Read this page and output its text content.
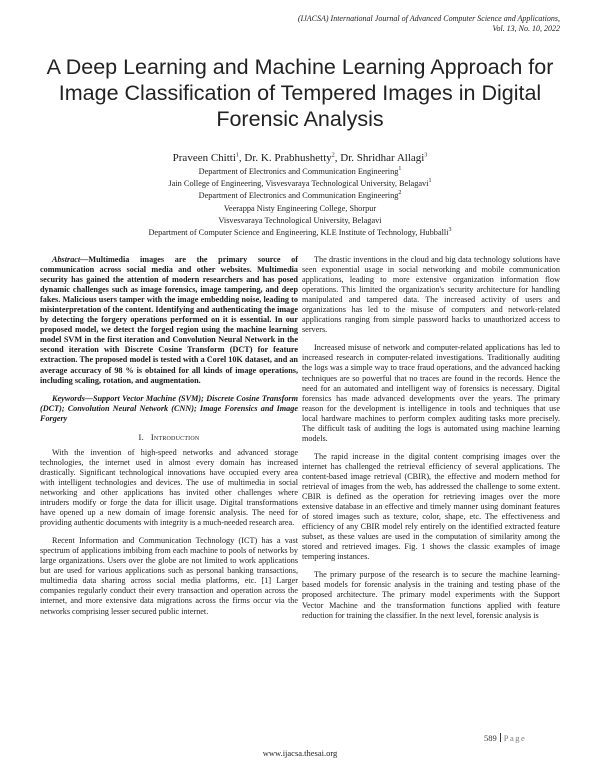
(IJACSA) International Journal of Advanced Computer Science and Applications,
Vol. 13, No. 10, 2022
A Deep Learning and Machine Learning Approach for Image Classification of Tempered Images in Digital Forensic Analysis
Praveen Chitti$^1$, Dr. K. Prabhushetty$^2$, Dr. Shridhar Allagi$^3$
Department of Electronics and Communication Engineering$^1$
Jain College of Engineering, Visvesvaraya Technological University, Belagavi$^1$
Department of Electronics and Communication Engineering$^2$
Veerappa Nisty Engineering College, Shorpur
Visvesvaraya Technological University, Belagavi
Department of Computer Science and Engineering, KLE Institute of Technology, Hubballi$^3$

Abstract—Multimedia images are the primary source of communication across social media and other websites. Multimedia security has gained the attention of modern researchers and has posed dynamic challenges such as image forensics, image tampering, and deep fakes. Malicious users tamper with the image embedding noise, leading to misinterpretation of the content. Identifying and authenticating the image by detecting the forgery operations performed on it is essential. In our proposed model, we detect the forged region using the machine learning model SVM in the first iteration and Convolution Neural Network in the second iteration with Discrete Cosine Transform (DCT) for feature extraction. The proposed model is tested with a Corel 10K dataset, and an average accuracy of 98 % is obtained for all kinds of image operations, including scaling, rotation, and augmentation.

Keywords—Support Vector Machine (SVM); Discrete Cosine Transform (DCT); Convolution Neural Network (CNN); Image Forensics and Image Forgery

I. Introduction

With the invention of high-speed networks and advanced storage technologies, the internet used in almost every domain has increased drastically. Significant technological innovations have occupied every area with intelligent technologies and devices. The use of multimedia in social networking and other applications has invited other challenges where intruders modify or forge the data for illicit usage. Digital transformations have opened up a new domain of image forensic analysis. The need for providing authentic documents with integrity is a much-needed research area.

Recent Information and Communication Technology (ICT) has a vast spectrum of applications imbibing from each machine to pools of networks by large organizations. Users over the globe are not limited to work applications but are used for various applications such as personal banking transactions, multimedia data sharing across social media platforms, etc. [1] Larger companies regularly conduct their every transaction and operation across the internet, and more extensive data migrations across the firms occur via the networks comprising lesser secured public internet.

The drastic inventions in the cloud and big data technology solutions have seen exponential usage in social networking and mobile communication applications, leading to more extensive organization information flow operations. This limited the organization's security architecture for handling manipulated and tampered data. The increased activity of users and organizations has led to the misuse of computers and network-related applications ranging from simple password hacks to unauthorized access to servers.

Increased misuse of network and computer-related applications has led to increased research in computer-related investigations. Traditionally auditing the logs was a simple way to trace fraud operations, and the advanced hacking techniques are so powerful that no traces are found in the records. Hence the need for an automated and intelligent way of forensics is necessary. Digital forensics has made advanced developments over the years. The primary reason for the development is intelligence in tools and techniques that use local hardware machines to perform complex auditing tasks more precisely. The difficult task of auditing the logs is automated using machine learning models.

The rapid increase in the digital content comprising images over the internet has challenged the retrieval efficiency of several applications. The content-based image retrieval (CBIR), the effective and modern method for retrieval of images from the web, has addressed the challenge to some extent. CBIR is defined as the operation for retrieving images over the more extensive database in an effective and timely manner using dominant features of stored images such as texture, color, shape, etc. The effectiveness and efficiency of any CBIR model rely entirely on the identified extracted feature subset, as these values are used in the computation of similarity among the stored and retrieved images. Fig. 1 shows the classic examples of image tempering instances.

The primary purpose of the research is to secure the machine learning-based models for forensic analysis in the training and testing phase of the proposed architecture. The primary model experiments with the Support Vector Machine and the transformation functions applied with feature reduction for training the classifier. In the next level, forensic analysis is

589 Page
www.ijacsa.thesai.org
